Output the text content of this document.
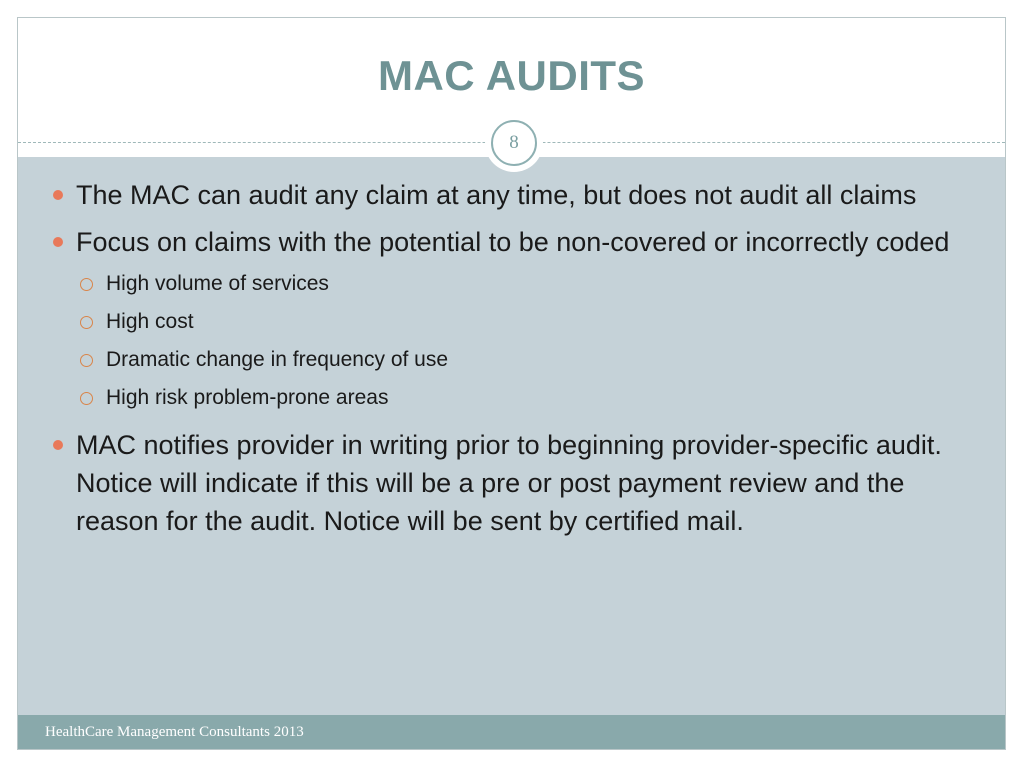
MAC AUDITS
8
The MAC can audit any claim at any time, but does not audit all claims
Focus on claims with the potential to be non-covered or incorrectly coded
High volume of services
High cost
Dramatic change in frequency of use
High risk problem-prone areas
MAC notifies provider in writing prior to beginning provider-specific audit. Notice will indicate if this will be a pre or post payment review and the reason for the audit. Notice will be sent by certified mail.
HealthCare Management Consultants 2013
